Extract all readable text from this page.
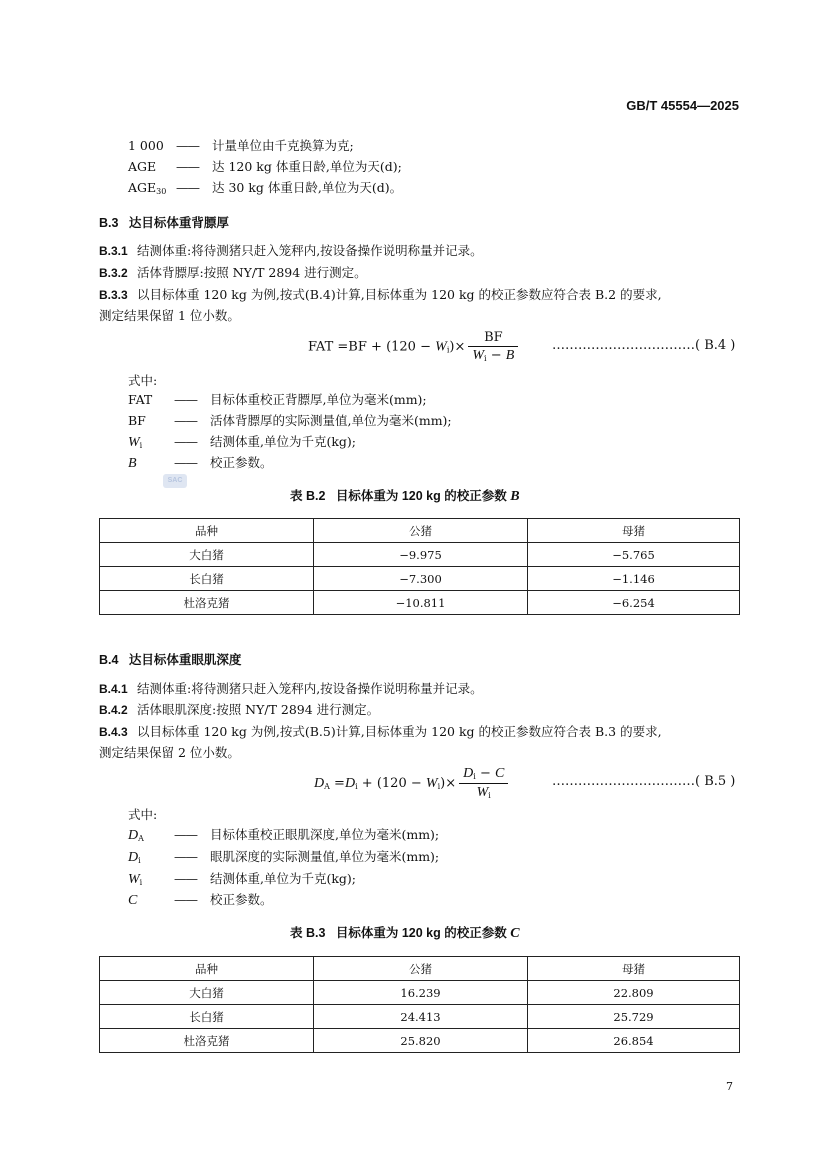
GB/T 45554—2025
1 000 —— 计量单位由千克换算为克;
AGE —— 达 120 kg 体重日龄,单位为天(d);
$AGE_{30}$ —— 达 30 kg 体重日龄,单位为天(d)。
B.3 达目标体重背膘厚
B.3.1 结测体重:将待测猪只赶入笼秤内,按设备操作说明称量并记录。
B.3.2 活体背膘厚:按照 NY/T 2894 进行测定。
B.3.3 以目标体重 120 kg 为例,按式(B.4)计算,目标体重为 120 kg 的校正参数应符合表 B.2 的要求,
测定结果保留 1 位小数。
FAT $=BF + (120 - W_i)\times \frac{BF}{W_i - B}$	……………………………( B.4 )
式中:
FAT —— 目标体重校正背膘厚,单位为毫米(mm);
BF —— 活体背膘厚的实际测量值,单位为毫米(mm);
$W_i$	—— 结测体重,单位为千克(kg);
B	—— 校正参数。
SAC
表 B.2 目标体重为 120 kg 的校正参数 B
品种	公猪	母猪
大白猪	−9.975	−5.765
长白猪	−7.300	−1.146
杜洛克猪	−10.811	−6.254
B.4 达目标体重眼肌深度
B.4.1 结测体重:将待测猪只赶入笼秤内,按设备操作说明称量并记录。
B.4.2 活体眼肌深度:按照 NY/T 2894 进行测定。
B.4.3 以目标体重 120 kg 为例,按式(B.5)计算,目标体重为 120 kg 的校正参数应符合表 B.3 的要求,
测定结果保留 2 位小数。
$D_A =D_i + (120 - W_i)\times \frac{D_i - C}{W_i}$	……………………………( B.5 )
式中:
$D_A$ —— 目标体重校正眼肌深度,单位为毫米(mm);
$D_i$	—— 眼肌深度的实际测量值,单位为毫米(mm);
$W_i$	—— 结测体重,单位为千克(kg);
C	—— 校正参数。
表 B.3 目标体重为 120 kg 的校正参数 C
品种	公猪	母猪
大白猪	16.239	22.809
长白猪	24.413	25.729
杜洛克猪	25.820	26.854
7
